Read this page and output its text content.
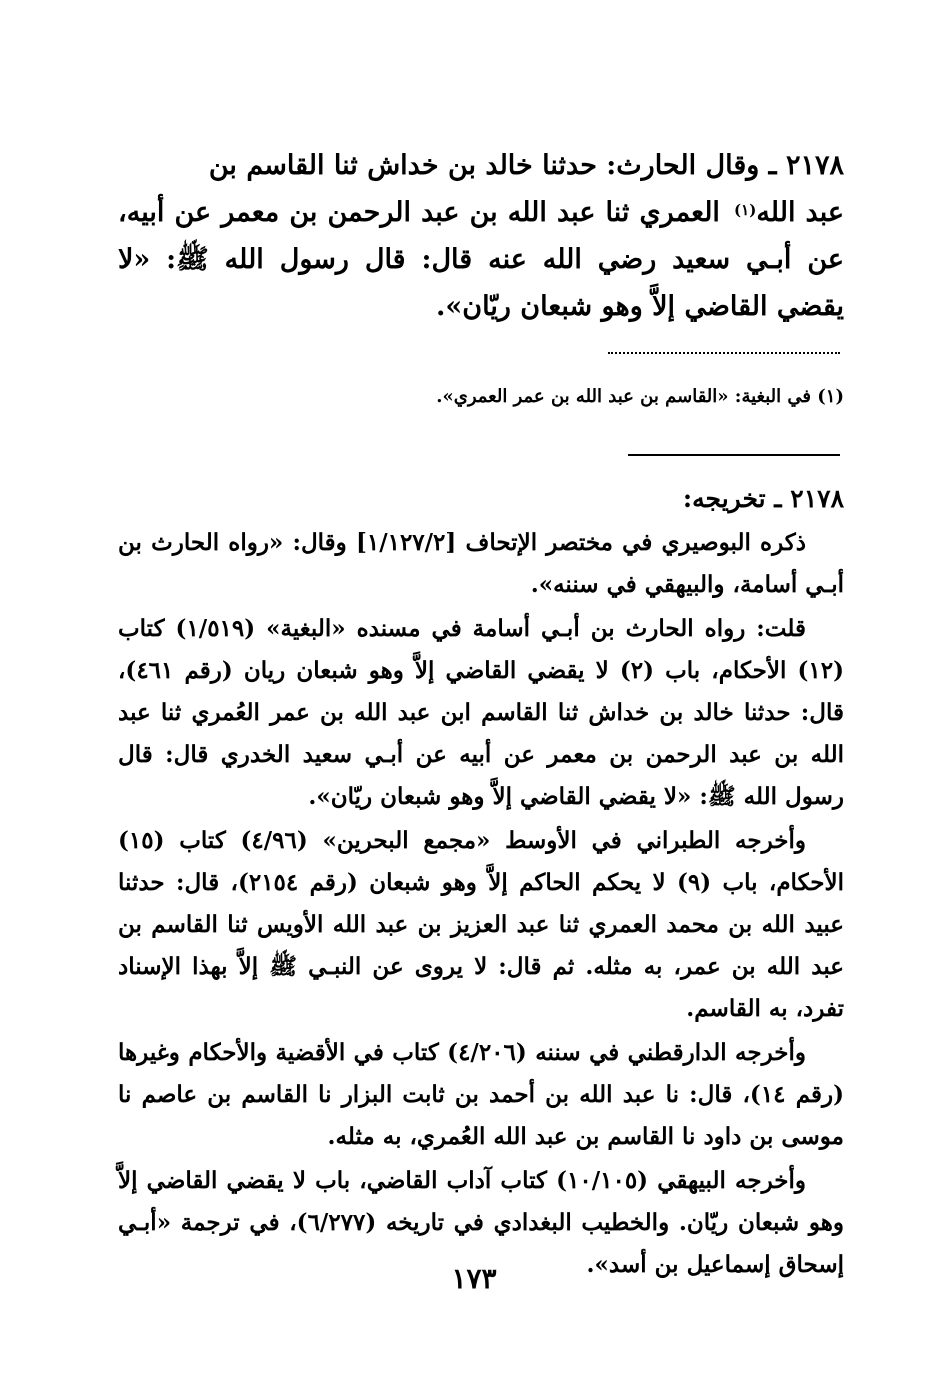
٢١٧٨ ـ وقال الحارث: حدثنا خالد بن خداش ثنا القاسم بن

عبد الله$^{(١)}$ العمري ثنا عبد الله بن عبد الرحمن بن معمر عن أبيه، عن أبـي سعيد رضي الله عنه قال: قال رسول الله ﷺ: «لا يقضي القاضي إلاَّ وهو شبعان ريّان».

(١) في البغية: «القاسم بن عبد الله بن عمر العمري».

٢١٧٨ ـ تخريجه:

ذكره البوصيري في مختصر الإتحاف [١/١٢٧/٢] وقال: «رواه الحارث بن أبـي أسامة، والبيهقي في سننه».

قلت: رواه الحارث بن أبـي أسامة في مسنده «البغية» (١/٥١٩) كتاب (١٢) الأحكام، باب (٢) لا يقضي القاضي إلاَّ وهو شبعان ريان (رقم ٤٦١)، قال: حدثنا خالد بن خداش ثنا القاسم ابن عبد الله بن عمر العُمري ثنا عبد الله بن عبد الرحمن بن معمر عن أبيه عن أبـي سعيد الخدري قال: قال رسول الله ﷺ: «لا يقضي القاضي إلاَّ وهو شبعان ريّان».

وأخرجه الطبراني في الأوسط «مجمع البحرين» (٤/٩٦) كتاب (١٥) الأحكام، باب (٩) لا يحكم الحاكم إلاَّ وهو شبعان (رقم ٢١٥٤)، قال: حدثنا عبيد الله بن محمد العمري ثنا عبد العزيز بن عبد الله الأويس ثنا القاسم بن عبد الله بن عمر، به مثله. ثم قال: لا يروى عن النبـي ﷺ إلاَّ بهذا الإسناد تفرد، به القاسم.

وأخرجه الدارقطني في سننه (٤/٢٠٦) كتاب في الأقضية والأحكام وغيرها (رقم ١٤)، قال: نا عبد الله بن أحمد بن ثابت البزار نا القاسم بن عاصم نا موسى بن داود نا القاسم بن عبد الله العُمري، به مثله.

وأخرجه البيهقي (١٠/١٠٥) كتاب آداب القاضي، باب لا يقضي القاضي إلاَّ وهو شبعان ريّان. والخطيب البغدادي في تاريخه (٦/٢٧٧)، في ترجمة «أبـي إسحاق إسماعيل بن أسد».

١٧٣
